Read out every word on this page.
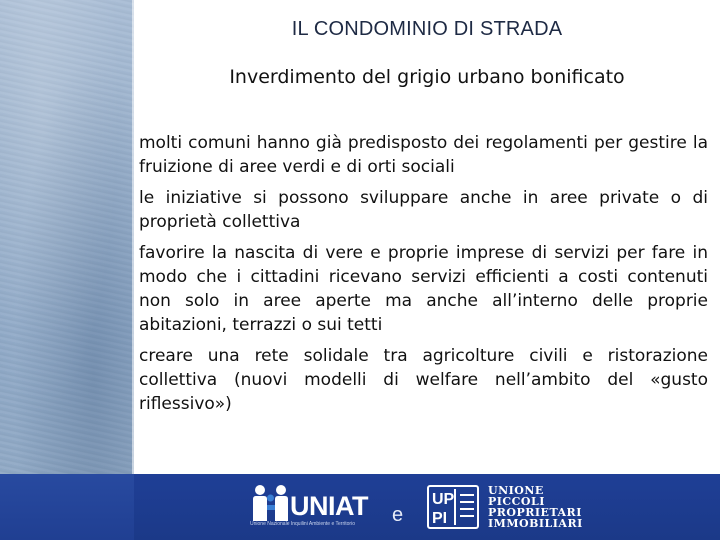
IL CONDOMINIO DI STRADA
Inverdimento del grigio urbano bonificato

molti comuni hanno già predisposto dei regolamenti per gestire la fruizione di aree verdi e di orti sociali

le iniziative si possono sviluppare anche in aree private o di proprietà collettiva

favorire la nascita di vere e proprie imprese di servizi per fare in modo che i cittadini ricevano servizi efficienti a costi contenuti non solo in aree aperte ma anche all’interno delle proprie abitazioni, terrazzi o sui tetti

creare una rete solidale tra agricolture civili e ristorazione collettiva (nuovi modelli di welfare nell’ambito del «gusto riflessivo»)

UNIAT
Unione Nazionale Inquilini Ambiente e Territorio	e
UP
PI
UNIONE
PICCOLI
PROPRIETARI
IMMOBILIARI
